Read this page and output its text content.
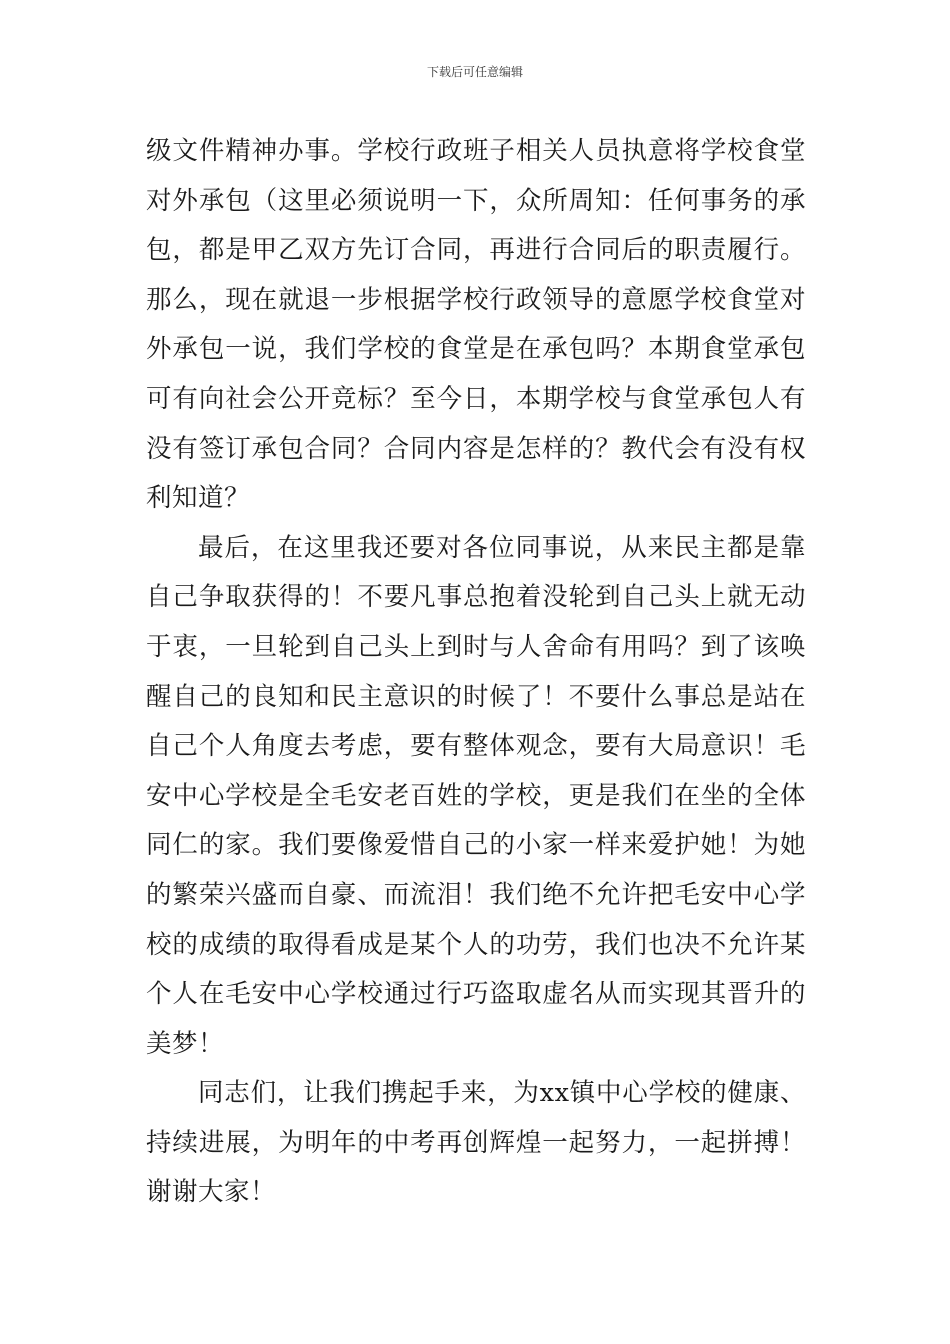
下载后可任意编辑

级文件精神办事。学校行政班子相关人员执意将学校食堂对外承包（这里必须说明一下，众所周知：任何事务的承包，都是甲乙双方先订合同，再进行合同后的职责履行。那么，现在就退一步根据学校行政领导的意愿学校食堂对外承包一说，我们学校的食堂是在承包吗？本期食堂承包可有向社会公开竞标？至今日，本期学校与食堂承包人有没有签订承包合同？合同内容是怎样的？教代会有没有权利知道？

最后，在这里我还要对各位同事说，从来民主都是靠自己争取获得的！不要凡事总抱着没轮到自己头上就无动于衷，一旦轮到自己头上到时与人舍命有用吗？到了该唤醒自己的良知和民主意识的时候了！不要什么事总是站在自己个人角度去考虑，要有整体观念，要有大局意识！毛安中心学校是全毛安老百姓的学校，更是我们在坐的全体同仁的家。我们要像爱惜自己的小家一样来爱护她！为她的繁荣兴盛而自豪、而流泪！我们绝不允许把毛安中心学校的成绩的取得看成是某个人的功劳，我们也决不允许某个人在毛安中心学校通过行巧盗取虚名从而实现其晋升的美梦！

同志们，让我们携起手来，为xx镇中心学校的健康、持续进展，为明年的中考再创辉煌一起努力，一起拼搏！谢谢大家！
